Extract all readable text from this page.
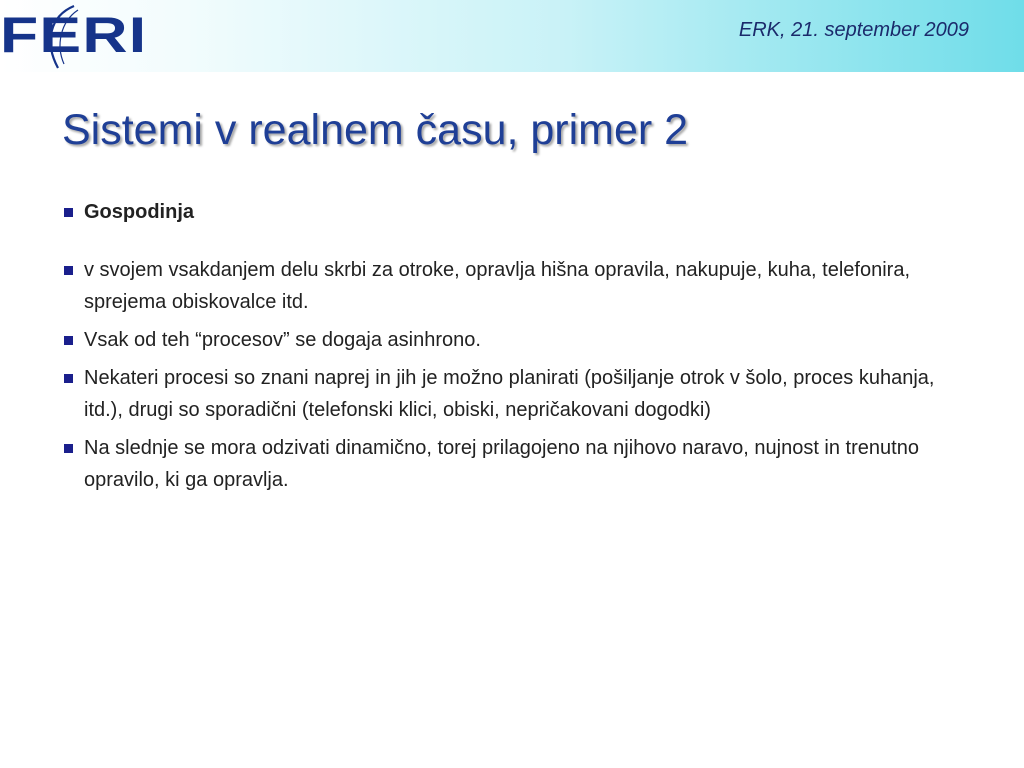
FERI	ERK, 21. september 2009
Sistemi v realnem času, primer 2
Gospodinja
v svojem vsakdanjem delu skrbi za otroke, opravlja hišna opravila, nakupuje, kuha, telefonira, sprejema obiskovalce itd.
Vsak od teh “procesov” se dogaja asinhrono.
Nekateri procesi so znani naprej in jih je možno planirati (pošiljanje otrok v šolo, proces kuhanja, itd.), drugi so sporadični (telefonski klici, obiski, nepričakovani dogodki)
Na slednje se mora odzivati dinamično, torej prilagojeno na njihovo naravo, nujnost in trenutno opravilo, ki ga opravlja.
